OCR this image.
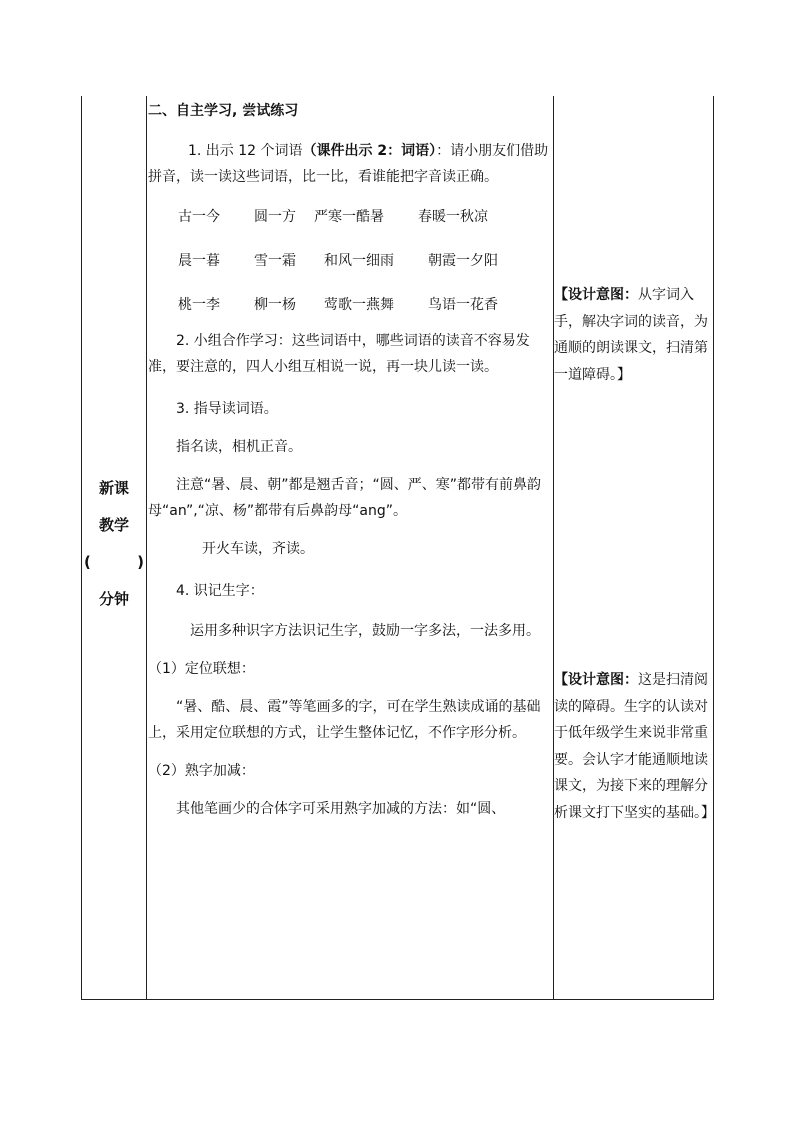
新课
教学
(	)
分钟

二、自主学习, 尝试练习

1. 出示 12 个词语（课件出示 2：词语）：请小朋友们借助拼音，读一读这些词语，比一比，看谁能把字音读正确。

古一今	圆一方	严寒一酷暑	春暖一秋凉
晨一暮	雪一霜	和风一细雨	朝霞一夕阳
桃一李	柳一杨	莺歌一燕舞	鸟语一花香

2. 小组合作学习：这些词语中，哪些词语的读音不容易发准，要注意的，四人小组互相说一说，再一块儿读一读。

3. 指导读词语。

指名读，相机正音。

注意“暑、晨、朝”都是翘舌音；“圆、严、寒”都带有前鼻韵母“an”,“凉、杨”都带有后鼻韵母“ang”。

开火车读，齐读。

4. 识记生字：

运用多种识字方法识记生字，鼓励一字多法，一法多用。

（1）定位联想：

“暑、酷、晨、霞”等笔画多的字，可在学生熟读成诵的基础上，采用定位联想的方式，让学生整体记忆，不作字形分析。

（2）熟字加减：

其他笔画少的合体字可采用熟字加减的方法：如“圆、

【设计意图：从字词入手，解决字词的读音，为通顺的朗读课文，扫清第一道障碍。】

【设计意图：这是扫清阅读的障碍。生字的认读对于低年级学生来说非常重要。会认字才能通顺地读课文，为接下来的理解分析课文打下坚实的基础。】
